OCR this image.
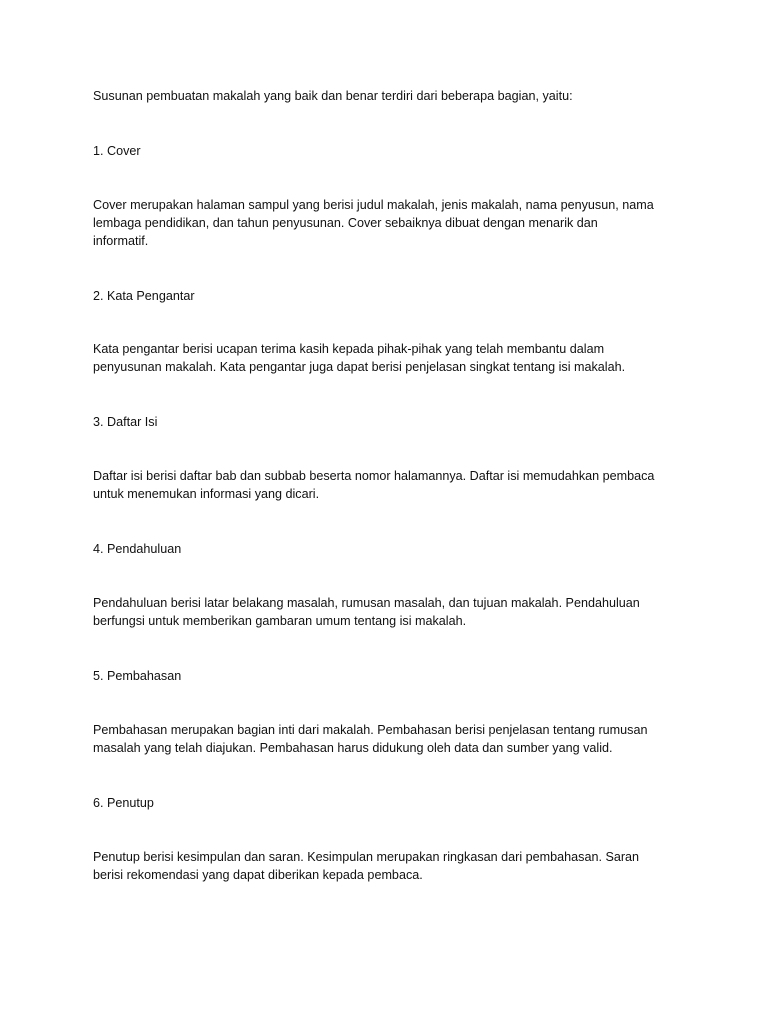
Susunan pembuatan makalah yang baik dan benar terdiri dari beberapa bagian, yaitu:

1. Cover

Cover merupakan halaman sampul yang berisi judul makalah, jenis makalah, nama penyusun, nama

lembaga pendidikan, dan tahun penyusunan. Cover sebaiknya dibuat dengan menarik dan

informatif.

2. Kata Pengantar

Kata pengantar berisi ucapan terima kasih kepada pihak-pihak yang telah membantu dalam

penyusunan makalah. Kata pengantar juga dapat berisi penjelasan singkat tentang isi makalah.

3. Daftar Isi

Daftar isi berisi daftar bab dan subbab beserta nomor halamannya. Daftar isi memudahkan pembaca

untuk menemukan informasi yang dicari.

4. Pendahuluan

Pendahuluan berisi latar belakang masalah, rumusan masalah, dan tujuan makalah. Pendahuluan

berfungsi untuk memberikan gambaran umum tentang isi makalah.

5. Pembahasan

Pembahasan merupakan bagian inti dari makalah. Pembahasan berisi penjelasan tentang rumusan

masalah yang telah diajukan. Pembahasan harus didukung oleh data dan sumber yang valid.

6. Penutup

Penutup berisi kesimpulan dan saran. Kesimpulan merupakan ringkasan dari pembahasan. Saran

berisi rekomendasi yang dapat diberikan kepada pembaca.
